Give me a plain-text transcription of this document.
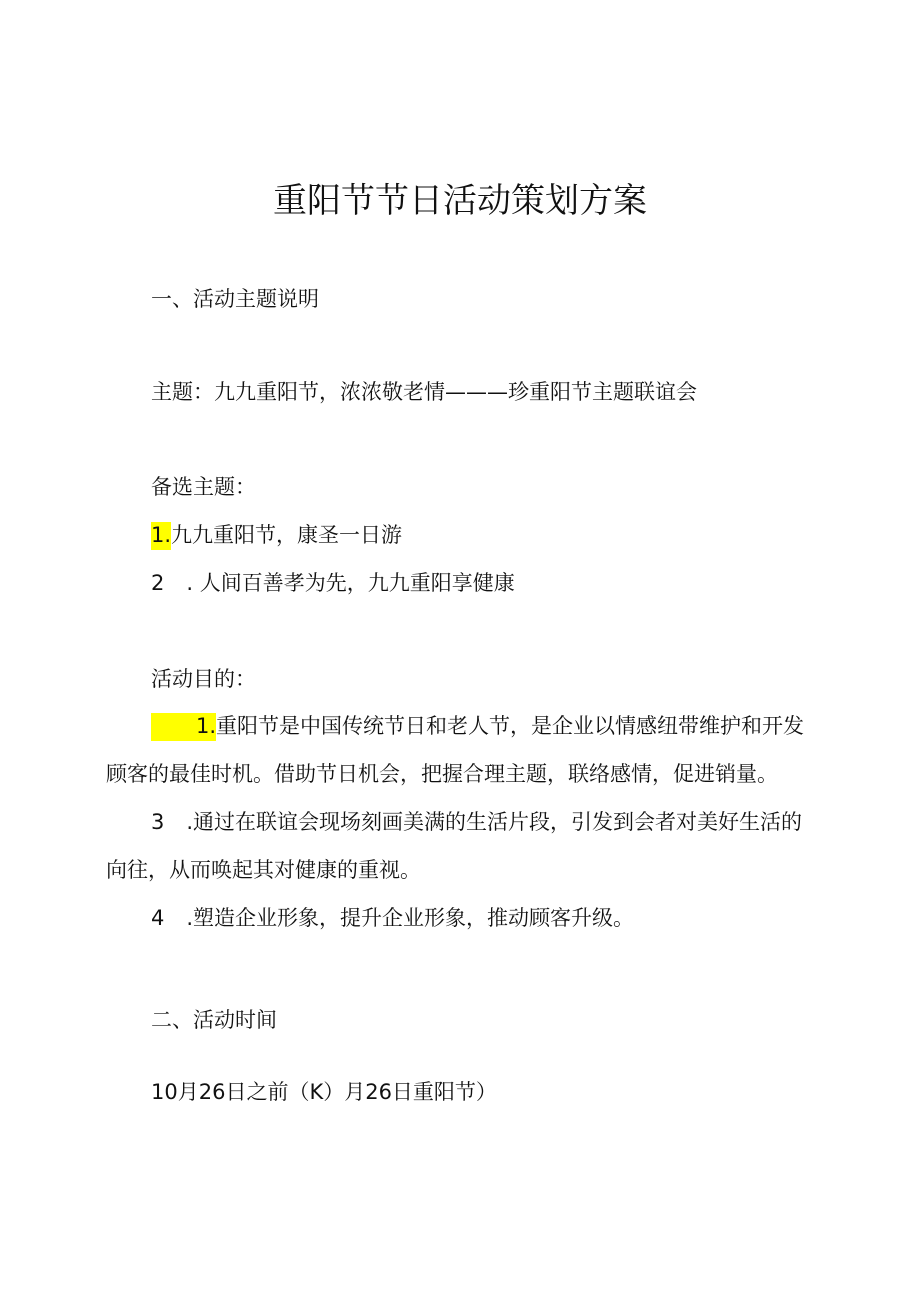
重阳节节日活动策划方案
一、活动主题说明
主题：九九重阳节，浓浓敬老情———珍重阳节主题联谊会
备选主题：
1.九九重阳节，康圣一日游
2 . 人间百善孝为先，九九重阳享健康
活动目的：
1.重阳节是中国传统节日和老人节，是企业以情感纽带维护和开发顾客的最佳时机。借助节日机会，把握合理主题，联络感情，促进销量。
3 .通过在联谊会现场刻画美满的生活片段，引发到会者对美好生活的向往，从而唤起其对健康的重视。
4 .塑造企业形象，提升企业形象，推动顾客升级。
二、活动时间
10月26日之前（K）月26日重阳节）
